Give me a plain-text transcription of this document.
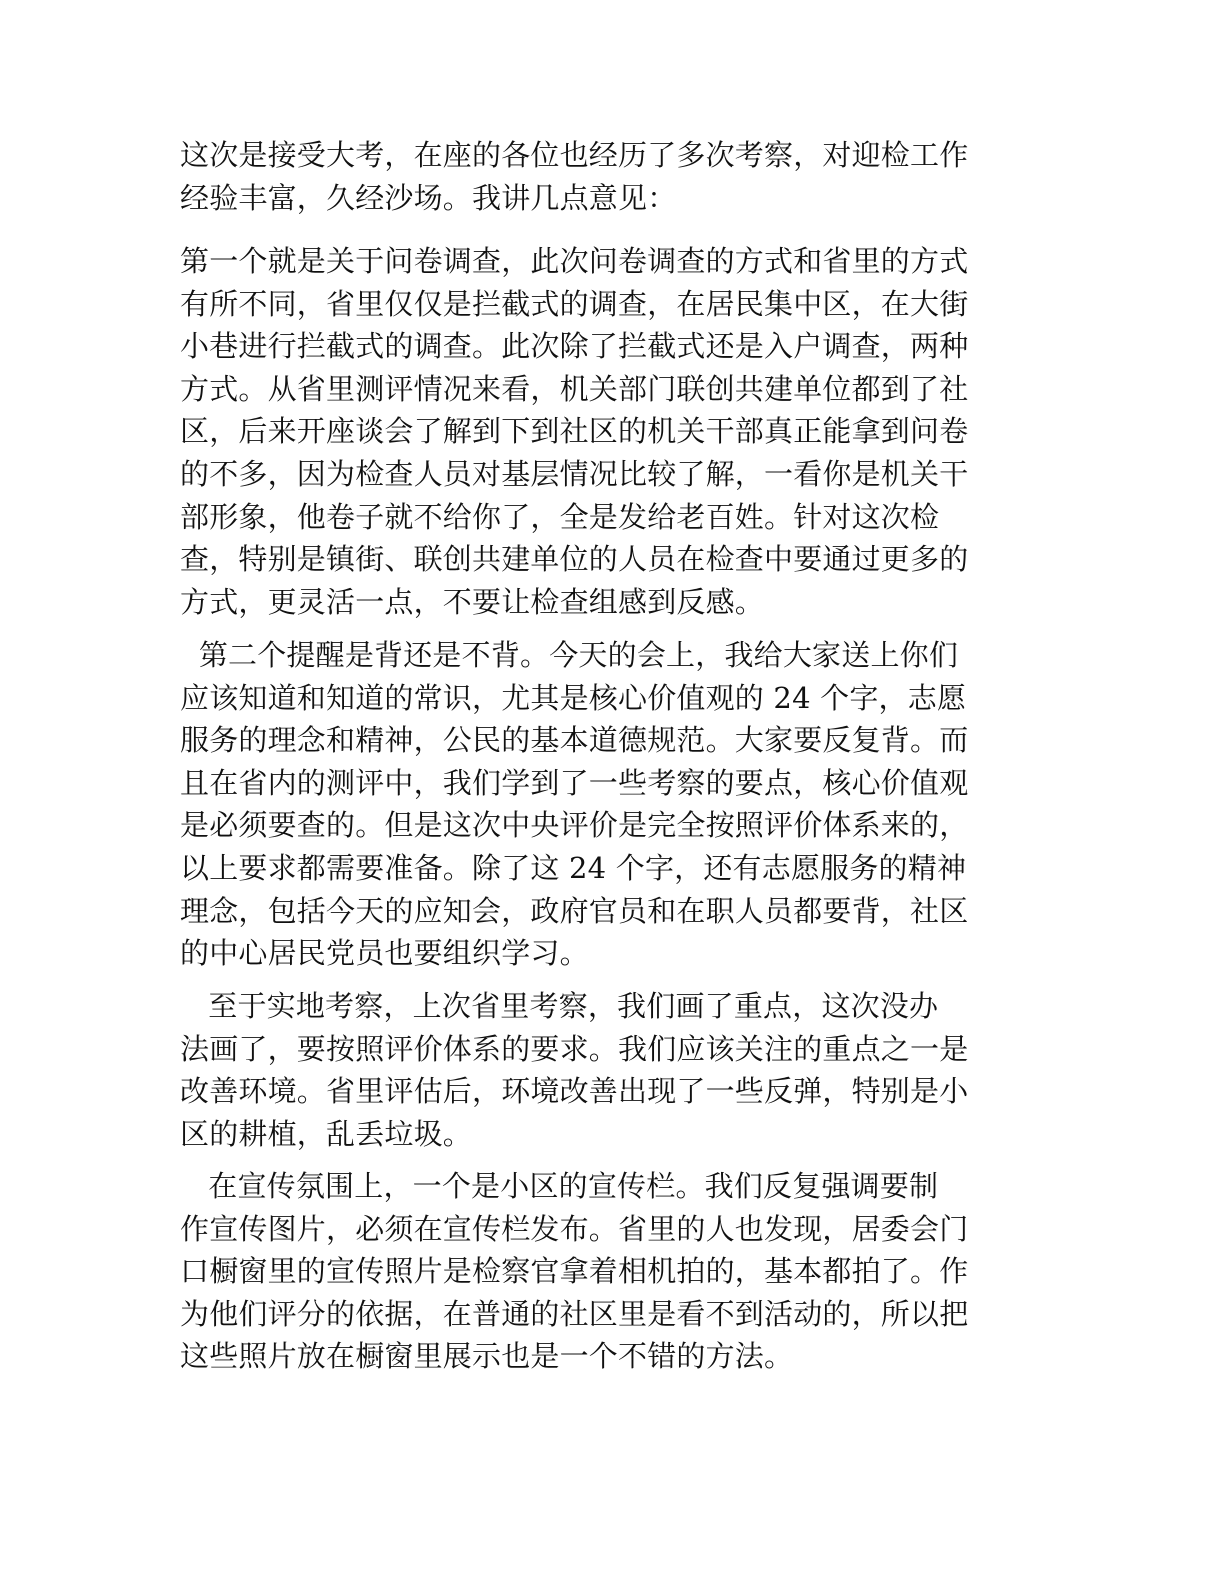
这次是接受大考，在座的各位也经历了多次考察，对迎检工作
经验丰富，久经沙场。我讲几点意见：

第一个就是关于问卷调查，此次问卷调查的方式和省里的方式
有所不同，省里仅仅是拦截式的调查，在居民集中区，在大街
小巷进行拦截式的调查。此次除了拦截式还是入户调查，两种
方式。从省里测评情况来看，机关部门联创共建单位都到了社
区，后来开座谈会了解到下到社区的机关干部真正能拿到问卷
的不多，因为检查人员对基层情况比较了解，一看你是机关干
部形象，他卷子就不给你了，全是发给老百姓。针对这次检
查，特别是镇街、联创共建单位的人员在检查中要通过更多的
方式，更灵活一点，不要让检查组感到反感。

第二个提醒是背还是不背。今天的会上，我给大家送上你们
应该知道和知道的常识，尤其是核心价值观的 24 个字，志愿
服务的理念和精神，公民的基本道德规范。大家要反复背。而
且在省内的测评中，我们学到了一些考察的要点，核心价值观
是必须要查的。但是这次中央评价是完全按照评价体系来的，
以上要求都需要准备。除了这 24 个字，还有志愿服务的精神
理念，包括今天的应知会，政府官员和在职人员都要背，社区
的中心居民党员也要组织学习。

至于实地考察，上次省里考察，我们画了重点，这次没办
法画了，要按照评价体系的要求。我们应该关注的重点之一是
改善环境。省里评估后，环境改善出现了一些反弹，特别是小
区的耕植，乱丢垃圾。

在宣传氛围上，一个是小区的宣传栏。我们反复强调要制
作宣传图片，必须在宣传栏发布。省里的人也发现，居委会门
口橱窗里的宣传照片是检察官拿着相机拍的，基本都拍了。作
为他们评分的依据，在普通的社区里是看不到活动的，所以把
这些照片放在橱窗里展示也是一个不错的方法。
